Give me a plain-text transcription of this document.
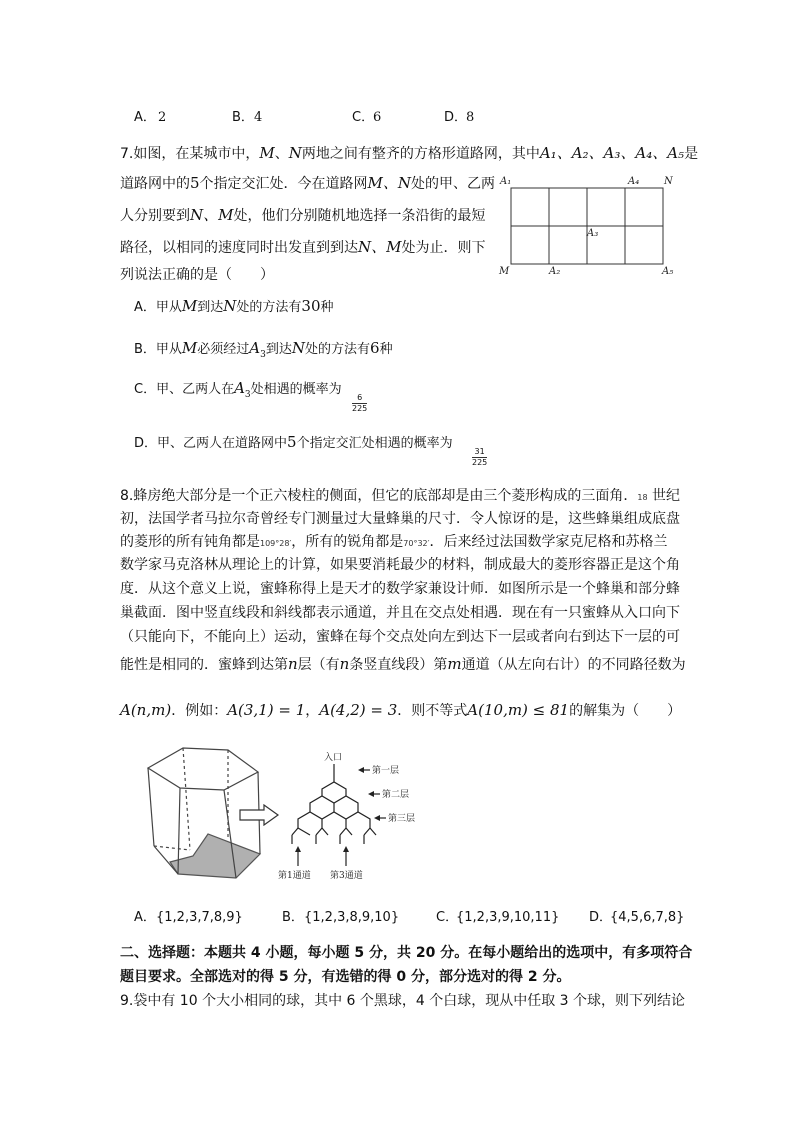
A． 2	B． 4	C．
6	D．
8
7.如图，在某城市中，M、N两地之间有整齐的方格形道路网，其中A₁、A₂、A₃、A₄、A₅是
道路网中的5个指定交汇处．今在道路网M、N处的甲、乙两
人分别要到N、M处，他们分别随机地选择一条沿街的最短
路径，以相同的速度同时出发直到到达N、M处为止．则下
列说法正确的是（　　）
A₁	A₄ N
A₃
M	A₂	A₅
A．甲从M到达N处的方法有30种
B．甲从M必须经过$A_3$到达N处的方法有6种
C．甲、乙两人在$A_3$处相遇的概率为
$\frac{6}{225}$
D．甲、乙两人在道路网中5个指定交汇处相遇的概率为
$\frac{31}{225}$
8.蜂房绝大部分是一个正六棱柱的侧面，但它的底部却是由三个菱形构成的三面角．18 世纪
初，法国学者马拉尔奇曾经专门测量过大量蜂巢的尺寸．令人惊讶的是，这些蜂巢组成底盘
的菱形的所有钝角都是109°28′，所有的锐角都是70°32′．后来经过法国数学家克尼格和苏格兰
数学家马克洛林从理论上的计算，如果要消耗最少的材料，制成最大的菱形容器正是这个角
度．从这个意义上说，蜜蜂称得上是天才的数学家兼设计师．如图所示是一个蜂巢和部分蜂
巢截面．图中竖直线段和斜线都表示通道，并且在交点处相遇．现在有一只蜜蜂从入口向下
（只能向下，不能向上）运动，蜜蜂在每个交点处向左到达下一层或者向右到达下一层的可
能性是相同的．蜜蜂到达第n层（有n条竖直线段）第m通道（从左向右计）的不同路径数为
A(n,m)．例如：A(3,1) = 1，A(4,2) = 3．则不等式A(10,m) ≤ 81的解集为（　　）
入口
第一层
第二层
第三层
第1通道 第3通道
A． {1,2,3,7,8,9}	B． {1,2,3,8,9,10}	C．
{1,2,3,9,10,11} D．
{4,5,6,7,8}
二、选择题：本题共 4 小题，每小题 5 分，共 20 分。在每小题给出的选项中，有多项符合
题目要求。全部选对的得 5 分，有选错的得 0 分，部分选对的得 2 分。
9.袋中有 10 个大小相同的球，其中 6 个黑球，4 个白球，现从中任取 3 个球，则下列结论
